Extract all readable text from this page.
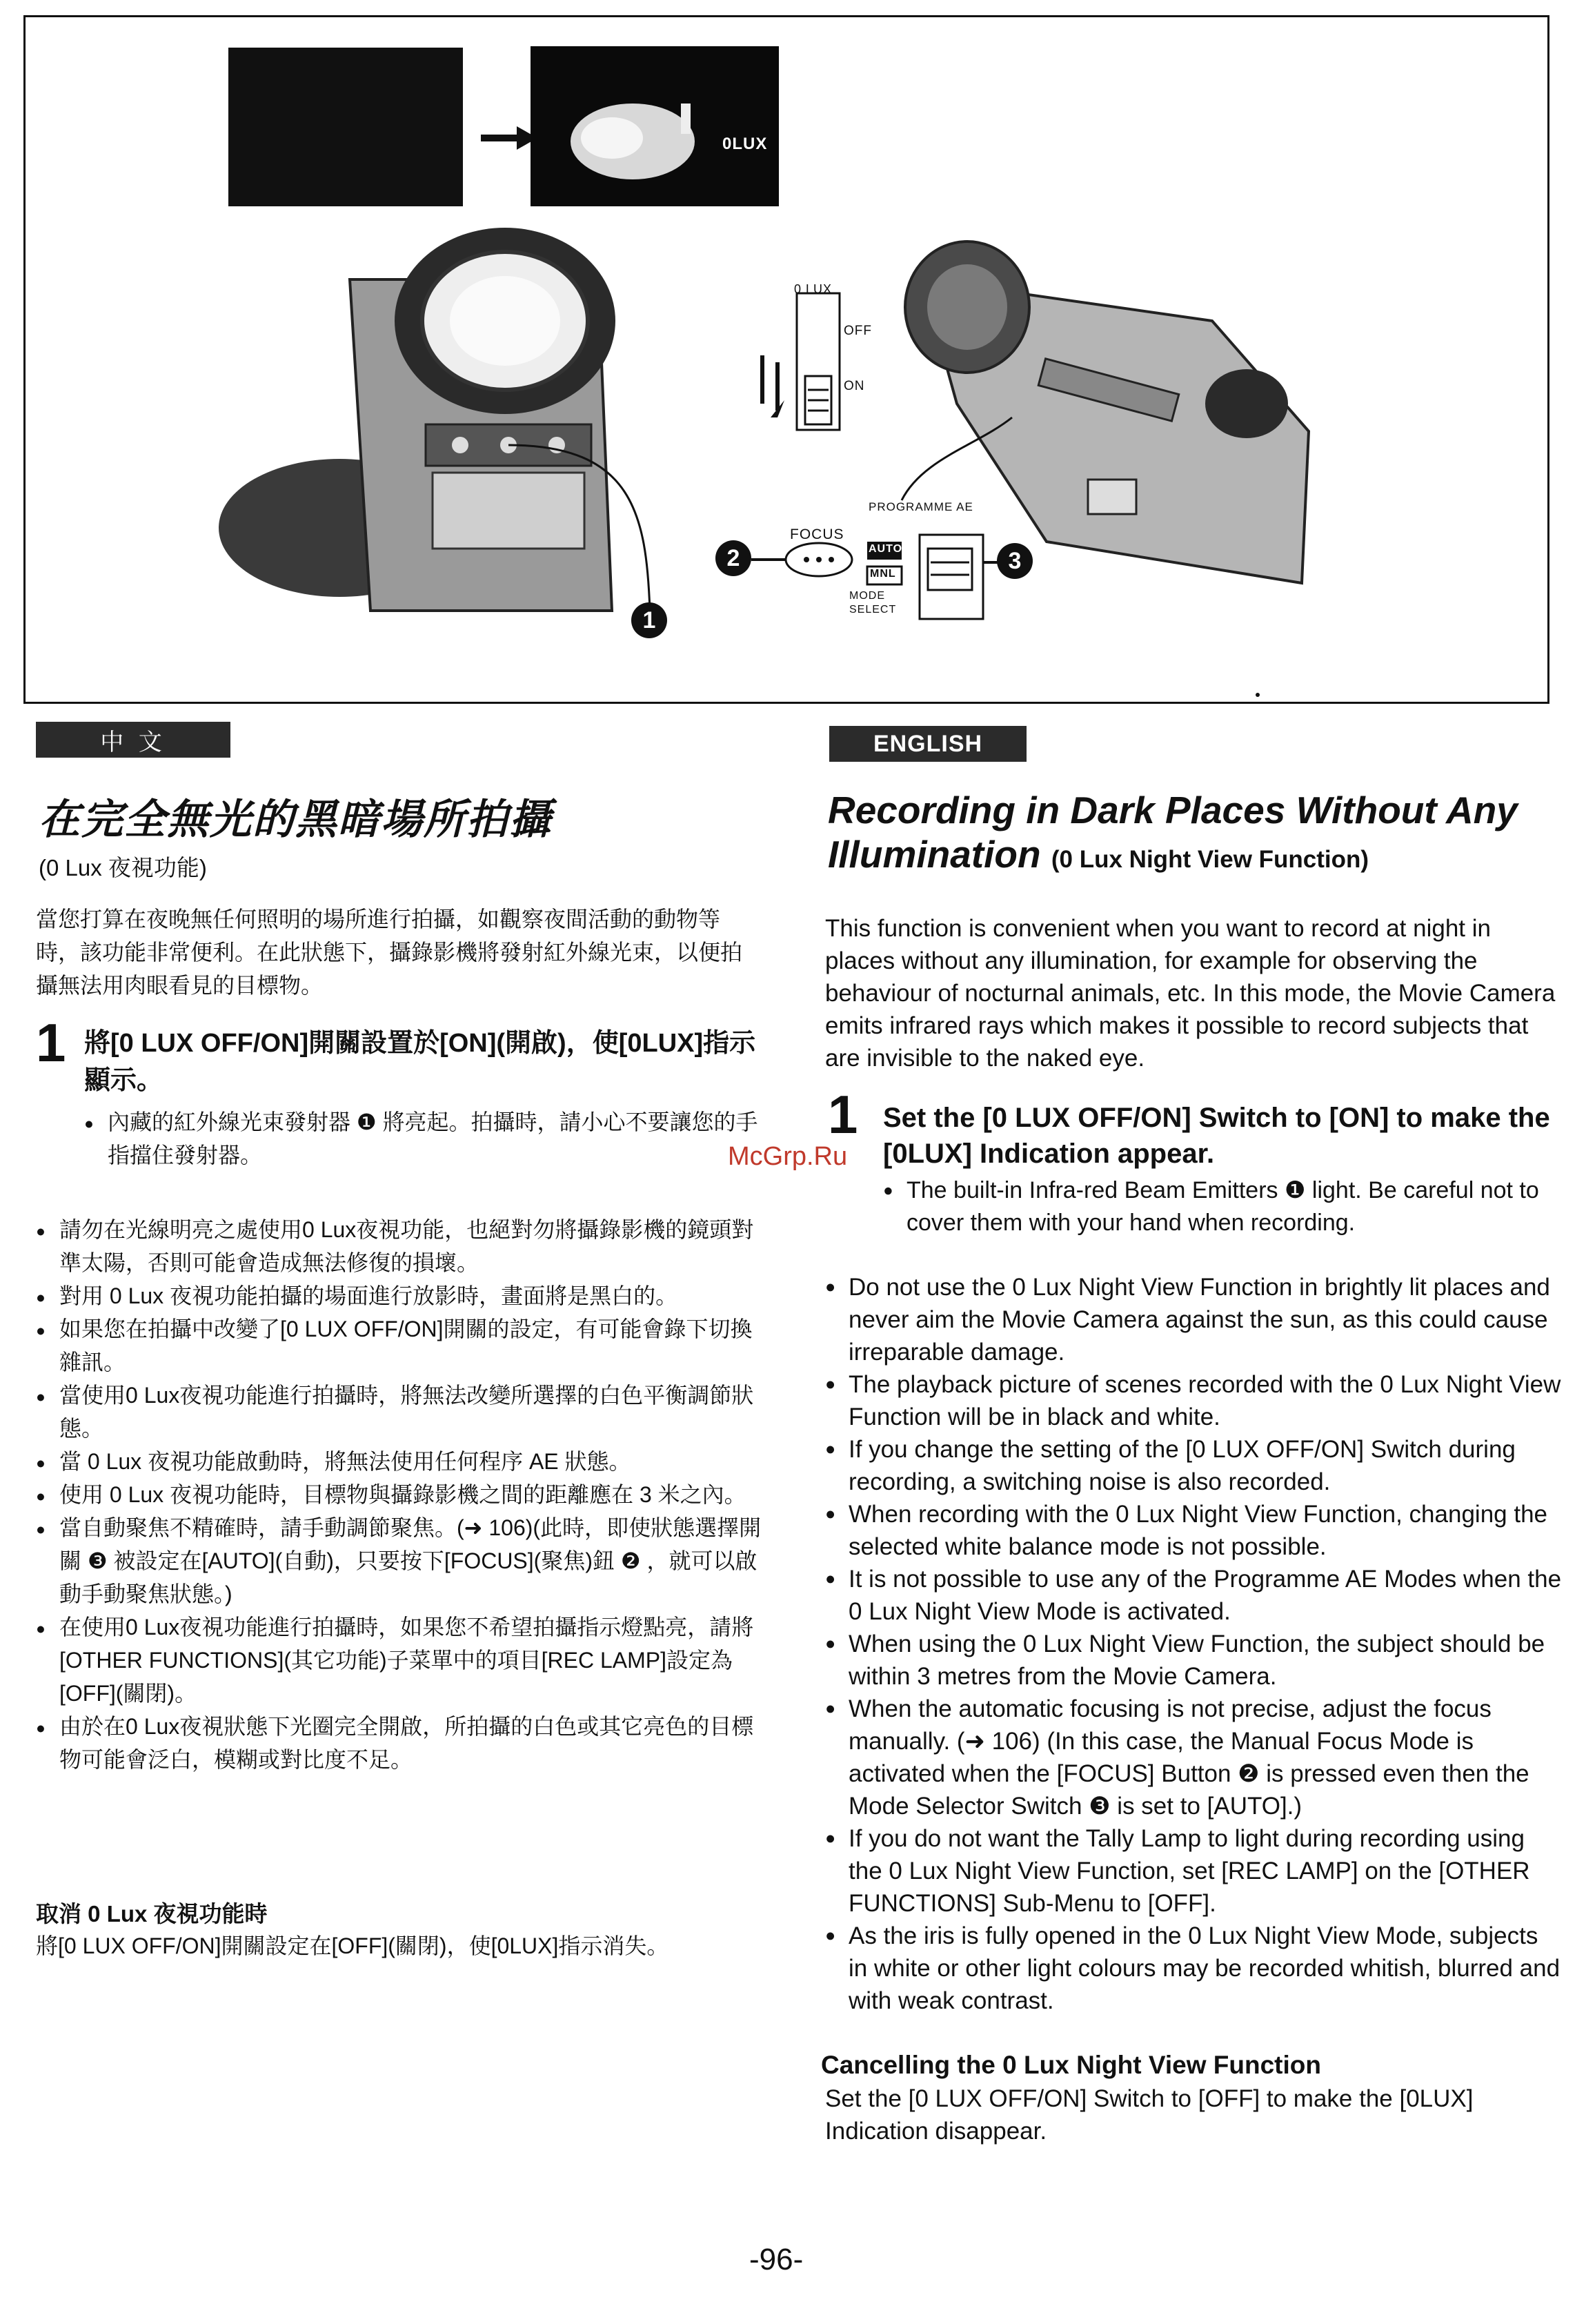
0LUX
0 LUX
OFF
ON
FOCUS
PROGRAMME AE
AUTO
MNL
MODE
SELECT
2	3
1
中 文
在完全無光的黑暗場所拍攝
(0 Lux 夜視功能)
當您打算在夜晚無任何照明的場所進行拍攝，如觀察夜間活動的動物等時，該功能非常便利。在此狀態下，攝錄影機將發射紅外線光束，以便拍攝無法用肉眼看見的目標物。
1 將[0 LUX OFF/ON]開關設置於[ON](開啟)，使[0LUX]指示顯示。
● 內藏的紅外線光束發射器 ❶ 將亮起。拍攝時，請小心不要讓您的手指擋住發射器。
● 請勿在光線明亮之處使用0 Lux夜視功能，也絕對勿將攝錄影機的鏡頭對準太陽，否則可能會造成無法修復的損壞。
● 對用 0 Lux 夜視功能拍攝的場面進行放影時，畫面將是黑白的。
● 如果您在拍攝中改變了[0 LUX OFF/ON]開關的設定，有可能會錄下切換雜訊。
● 當使用0 Lux夜視功能進行拍攝時，將無法改變所選擇的白色平衡調節狀態。
● 當 0 Lux 夜視功能啟動時，將無法使用任何程序 AE 狀態。
● 使用 0 Lux 夜視功能時，目標物與攝錄影機之間的距離應在 3 米之內。
● 當自動聚焦不精確時，請手動調節聚焦。(➜ 106)(此時，即使狀態選擇開關 ❸ 被設定在[AUTO](自動)，只要按下[FOCUS](聚焦)鈕 ❷ ，就可以啟動手動聚焦狀態。)
● 在使用0 Lux夜視功能進行拍攝時，如果您不希望拍攝指示燈點亮，請將[OTHER FUNCTIONS](其它功能)子菜單中的項目[REC LAMP]設定為[OFF](關閉)。
● 由於在0 Lux夜視狀態下光圈完全開啟，所拍攝的白色或其它亮色的目標物可能會泛白，模糊或對比度不足。
取消 0 Lux 夜視功能時
將[0 LUX OFF/ON]開關設定在[OFF](關閉)，使[0LUX]指示消失。
McGrp.Ru
ENGLISH
Recording in Dark Places Without Any Illumination (0 Lux Night View Function)
This function is convenient when you want to record at night in places without any illumination, for example for observing the behaviour of nocturnal animals, etc. In this mode, the Movie Camera emits infrared rays which makes it possible to record subjects that are invisible to the naked eye.
1 Set the [0 LUX OFF/ON] Switch to [ON] to make the [0LUX] Indication appear.
● The built-in Infra-red Beam Emitters ❶ light. Be careful not to cover them with your hand when recording.
● Do not use the 0 Lux Night View Function in brightly lit places and never aim the Movie Camera against the sun, as this could cause irreparable damage.
● The playback picture of scenes recorded with the 0 Lux Night View Function will be in black and white.
● If you change the setting of the [0 LUX OFF/ON] Switch during recording, a switching noise is also recorded.
● When recording with the 0 Lux Night View Function, changing the selected white balance mode is not possible.
● It is not possible to use any of the Programme AE Modes when the 0 Lux Night View Mode is activated.
● When using the 0 Lux Night View Function, the subject should be within 3 metres from the Movie Camera.
● When the automatic focusing is not precise, adjust the focus manually. (➜ 106) (In this case, the Manual Focus Mode is activated when the [FOCUS] Button ❷ is pressed even then the Mode Selector Switch ❸ is set to [AUTO].)
● If you do not want the Tally Lamp to light during recording using the 0 Lux Night View Function, set [REC LAMP] on the [OTHER FUNCTIONS] Sub-Menu to [OFF].
● As the iris is fully opened in the 0 Lux Night View Mode, subjects in white or other light colours may be recorded whitish, blurred and with weak contrast.
Cancelling the 0 Lux Night View Function
Set the [0 LUX OFF/ON] Switch to [OFF] to make the [0LUX] Indication disappear.
-96-
